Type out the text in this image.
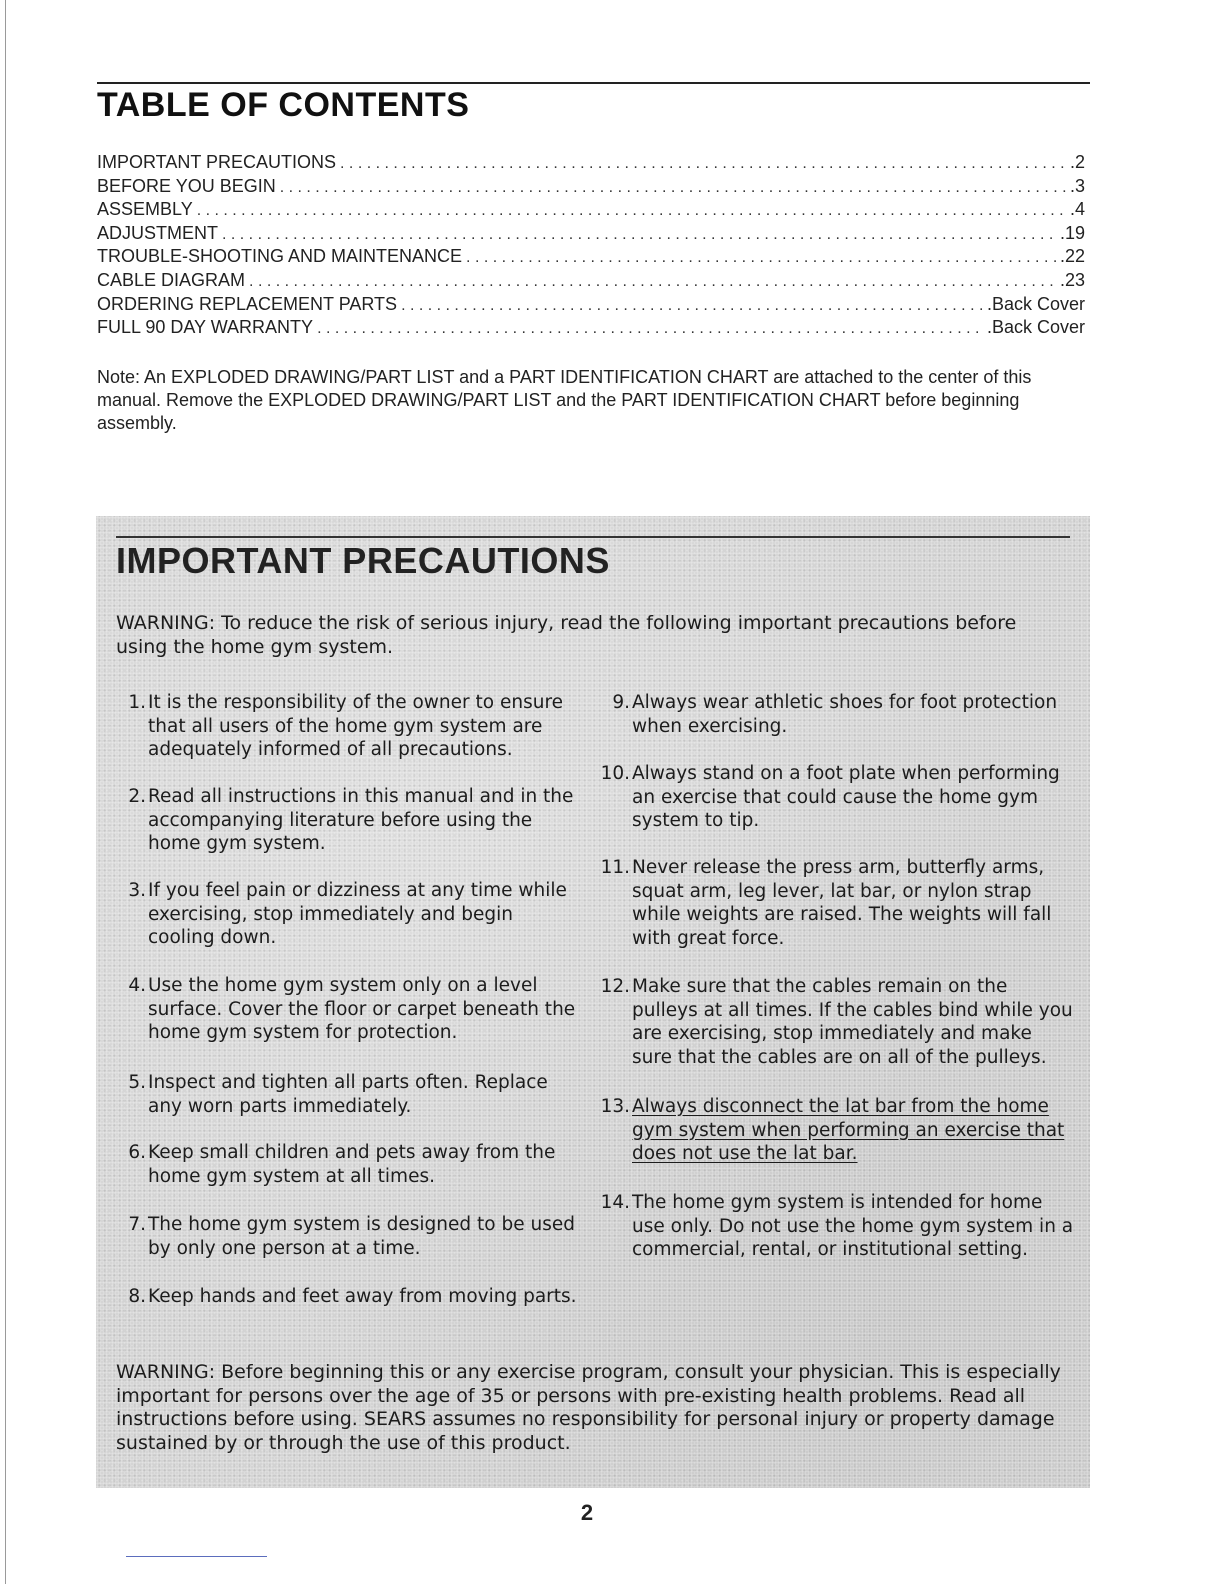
TABLE OF CONTENTS
IMPORTANT PRECAUTIONS . . .	.2
BEFORE YOU BEGIN . . .	.3
ASSEMBLY . . .	.4
ADJUSTMENT . . .	.19
TROUBLE-SHOOTING AND MAINTENANCE . . .	.22
CABLE DIAGRAM . . .	.23
ORDERING REPLACEMENT PARTS . . .	.Back Cover
FULL 90 DAY WARRANTY . . .	.Back Cover

Note: An EXPLODED DRAWING/PART LIST and a PART IDENTIFICATION CHART are attached to the center of this manual. Remove the EXPLODED DRAWING/PART LIST and the PART IDENTIFICATION CHART before beginning assembly.

IMPORTANT PRECAUTIONS

WARNING: To reduce the risk of serious injury, read the following important precautions before using the home gym system.

1. It is the responsibility of the owner to ensure that all users of the home gym system are adequately informed of all precautions.
2. Read all instructions in this manual and in the accompanying literature before using the home gym system.
3. If you feel pain or dizziness at any time while exercising, stop immediately and begin cooling down.
4. Use the home gym system only on a level surface. Cover the floor or carpet beneath the home gym system for protection.
5. Inspect and tighten all parts often. Replace any worn parts immediately.
6. Keep small children and pets away from the home gym system at all times.
7. The home gym system is designed to be used by only one person at a time.
8. Keep hands and feet away from moving parts.
9. Always wear athletic shoes for foot protection when exercising.
10. Always stand on a foot plate when performing an exercise that could cause the home gym system to tip.
11. Never release the press arm, butterfly arms, squat arm, leg lever, lat bar, or nylon strap while weights are raised. The weights will fall with great force.
12. Make sure that the cables remain on the pulleys at all times. If the cables bind while you are exercising, stop immediately and make sure that the cables are on all of the pulleys.
13. Always disconnect the lat bar from the home gym system when performing an exercise that does not use the lat bar.
14. The home gym system is intended for home use only. Do not use the home gym system in a commercial, rental, or institutional setting.

WARNING: Before beginning this or any exercise program, consult your physician. This is especially important for persons over the age of 35 or persons with pre-existing health problems. Read all instructions before using. SEARS assumes no responsibility for personal injury or property damage sustained by or through the use of this product.

2
